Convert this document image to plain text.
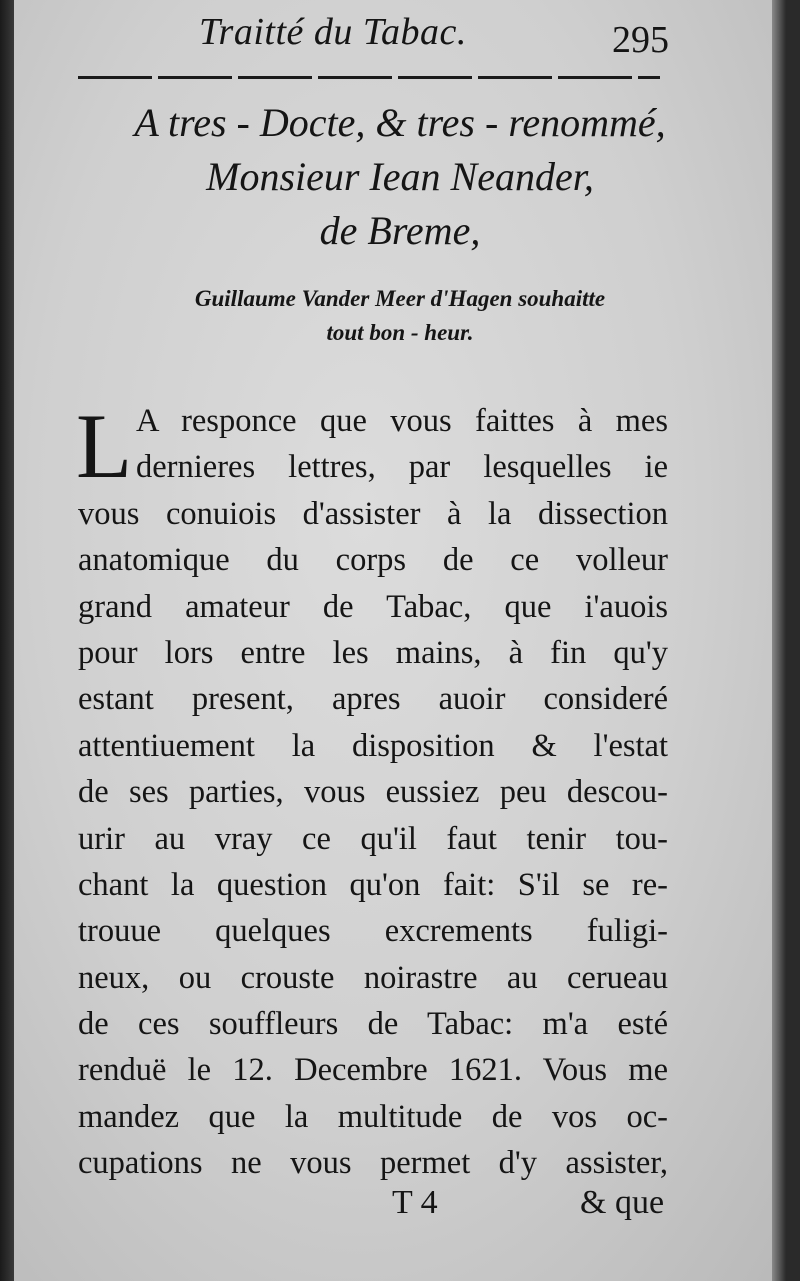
Traitté du Tabac.	295
A tres - Docte, & tres - renommé,
Monsieur Iean Neander,
de Breme,
Guillaume Vander Meer d'Hagen souhaitte
tout bon - heur.
L A responce que vous faittes à mes
dernieres lettres, par lesquelles ie
vous conuiois d'assister à la dissection
anatomique du corps de ce volleur
grand amateur de Tabac, que i'auois
pour lors entre les mains, à fin qu'y
estant present, apres auoir consideré
attentiuement la disposition & l'estat
de ses parties, vous eussiez peu descou-
urir au vray ce qu'il faut tenir tou-
chant la question qu'on fait: S'il se re-
trouue quelques excrements fuligi-
neux, ou crouste noirastre au cerueau
de ces souffleurs de Tabac: m'a esté
renduë le 12. Decembre 1621. Vous me
mandez que la multitude de vos oc-
cupations ne vous permet d'y assister,
T 4	& que
